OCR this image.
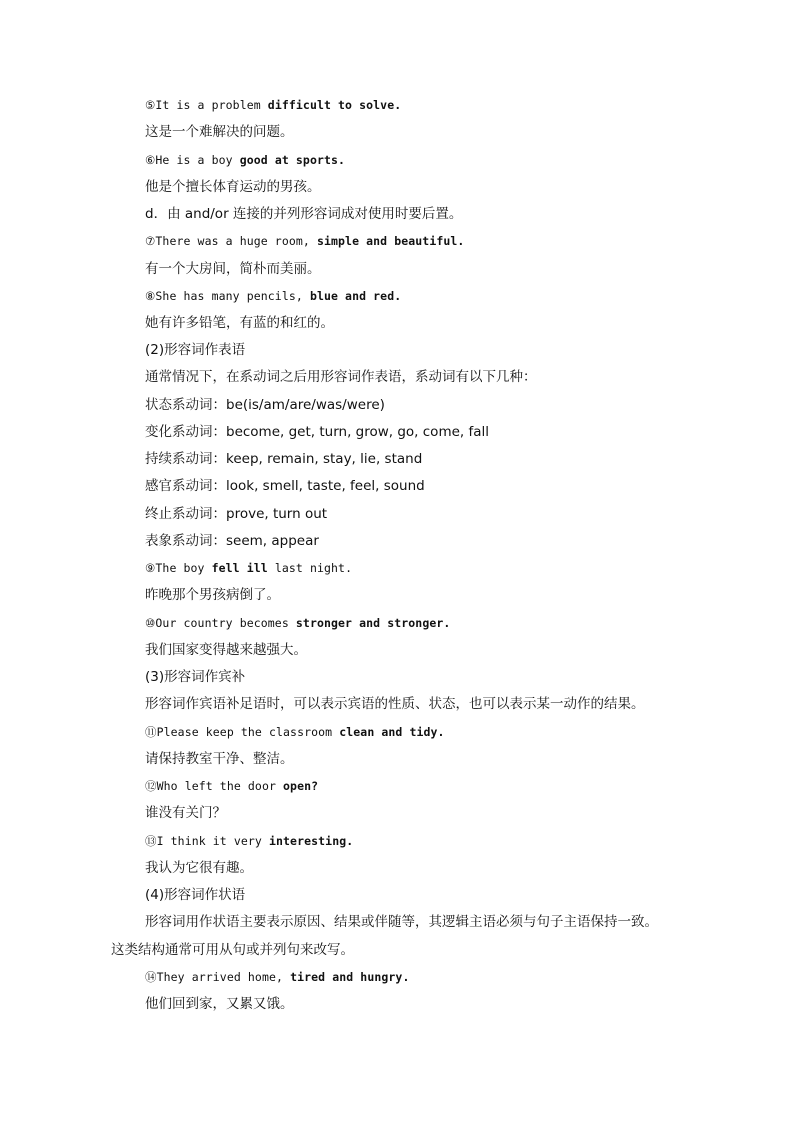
⑤It is a problem difficult to solve.
这是一个难解决的问题。
⑥He is a boy good at sports.
他是个擅长体育运动的男孩。
d．由 and/or 连接的并列形容词成对使用时要后置。
⑦There was a huge room, simple and beautiful.
有一个大房间，简朴而美丽。
⑧She has many pencils, blue and red.
她有许多铅笔，有蓝的和红的。
(2)形容词作表语
通常情况下，在系动词之后用形容词作表语，系动词有以下几种：
状态系动词：be(is/am/are/was/were)
变化系动词：become, get, turn, grow, go, come, fall
持续系动词：keep, remain, stay, lie, stand
感官系动词：look, smell, taste, feel, sound
终止系动词：prove, turn out
表象系动词：seem, appear
⑨The boy fell ill last night.
昨晚那个男孩病倒了。
⑩Our country becomes stronger and stronger.
我们国家变得越来越强大。
(3)形容词作宾补
形容词作宾语补足语时，可以表示宾语的性质、状态，也可以表示某一动作的结果。
⑪Please keep the classroom clean and tidy.
请保持教室干净、整洁。
⑫Who left the door open?
谁没有关门？
⑬I think it very interesting.
我认为它很有趣。
(4)形容词作状语
形容词用作状语主要表示原因、结果或伴随等，其逻辑主语必须与句子主语保持一致。
这类结构通常可用从句或并列句来改写。
⑭They arrived home, tired and hungry.
他们回到家，又累又饿。
